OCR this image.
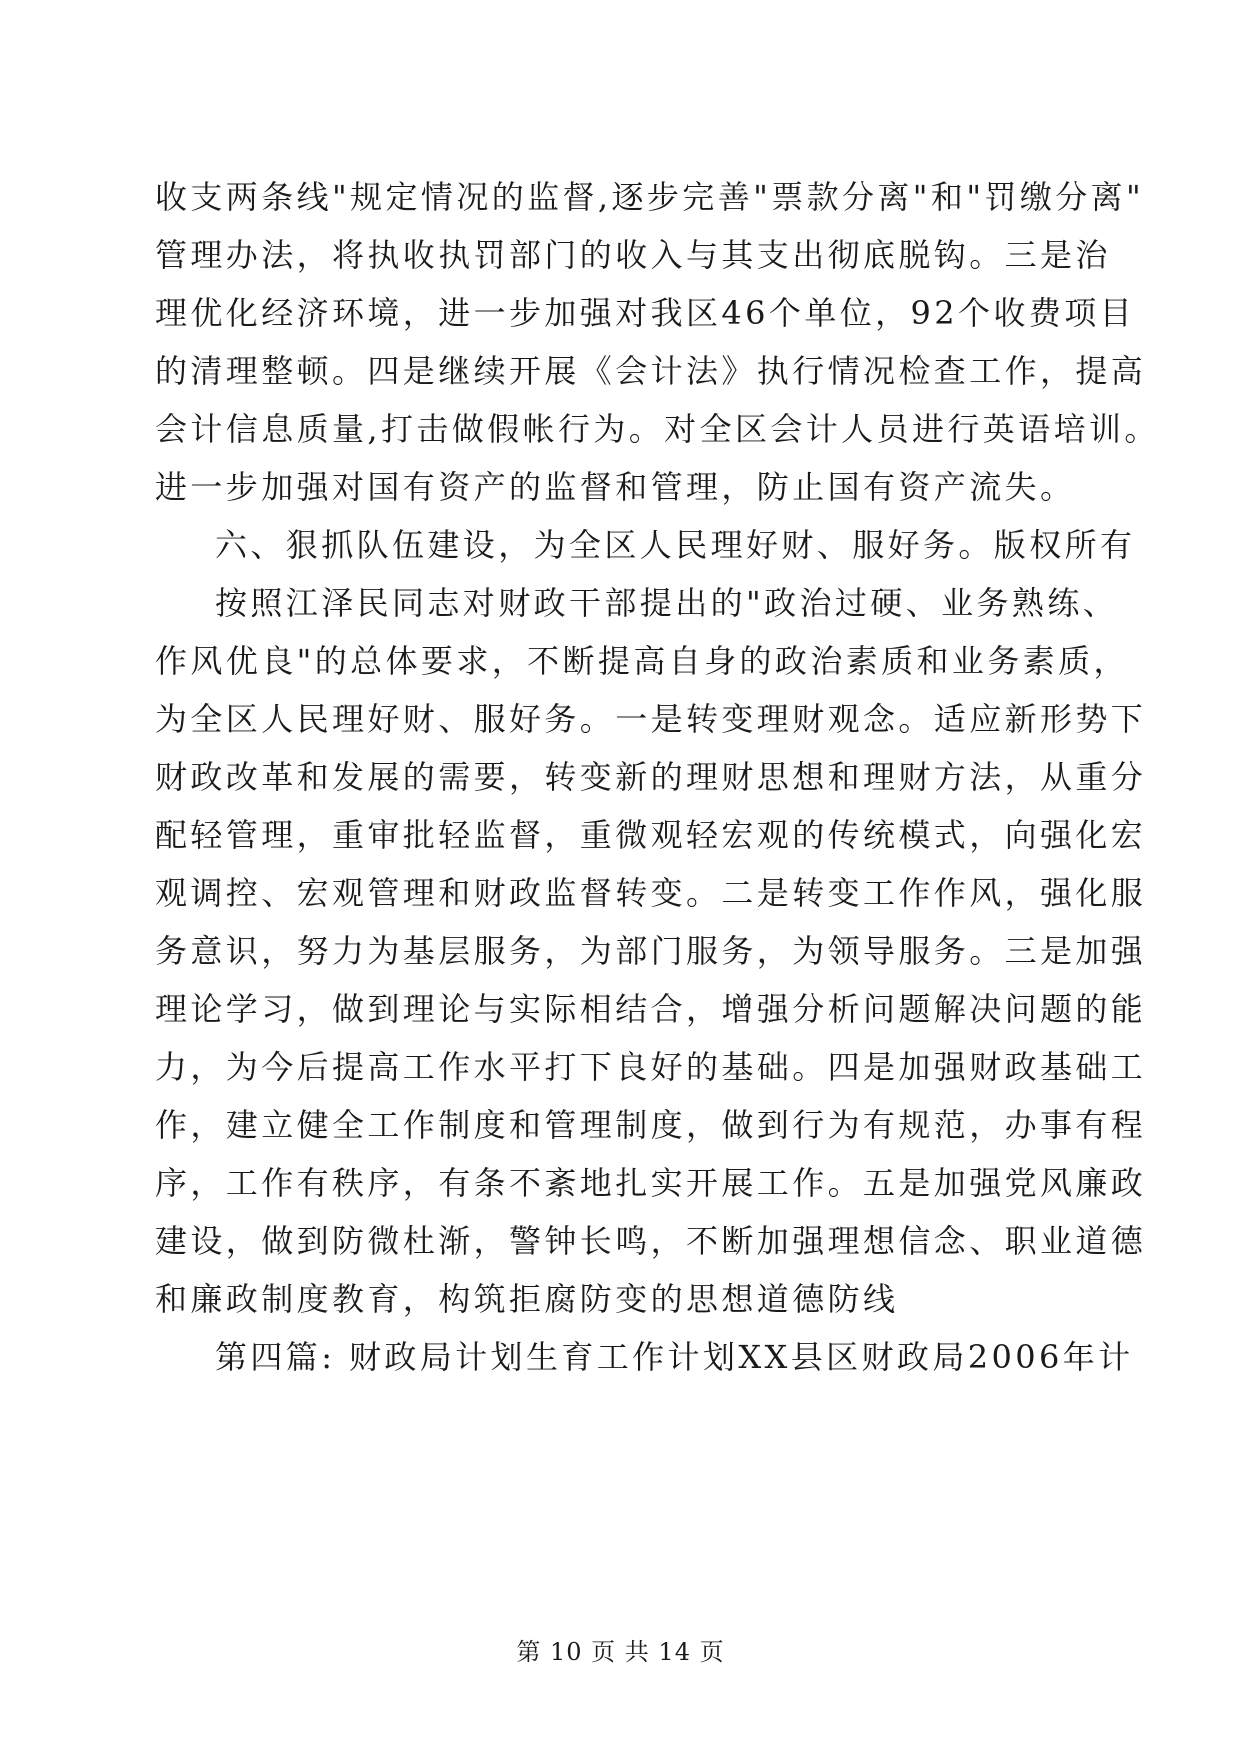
收支两条线"规定情况的监督,逐步完善"票款分离"和"罚缴分离"
管理办法，将执收执罚部门的收入与其支出彻底脱钩。三是治
理优化经济环境，进一步加强对我区46个单位，92个收费项目
的清理整顿。四是继续开展《会计法》执行情况检查工作，提高
会计信息质量,打击做假帐行为。对全区会计人员进行英语培训。
进一步加强对国有资产的监督和管理，防止国有资产流失。
六、狠抓队伍建设，为全区人民理好财、服好务。版权所有
按照江泽民同志对财政干部提出的"政治过硬、业务熟练、
作风优良"的总体要求，不断提高自身的政治素质和业务素质，
为全区人民理好财、服好务。一是转变理财观念。适应新形势下
财政改革和发展的需要，转变新的理财思想和理财方法，从重分
配轻管理，重审批轻监督，重微观轻宏观的传统模式，向强化宏
观调控、宏观管理和财政监督转变。二是转变工作作风，强化服
务意识，努力为基层服务，为部门服务，为领导服务。三是加强
理论学习，做到理论与实际相结合，增强分析问题解决问题的能
力，为今后提高工作水平打下良好的基础。四是加强财政基础工
作，建立健全工作制度和管理制度，做到行为有规范，办事有程
序，工作有秩序，有条不紊地扎实开展工作。五是加强党风廉政
建设，做到防微杜渐，警钟长鸣，不断加强理想信念、职业道德
和廉政制度教育，构筑拒腐防变的思想道德防线
第四篇: 财政局计划生育工作计划XX县区财政局2006年计
第 10 页 共 14 页
